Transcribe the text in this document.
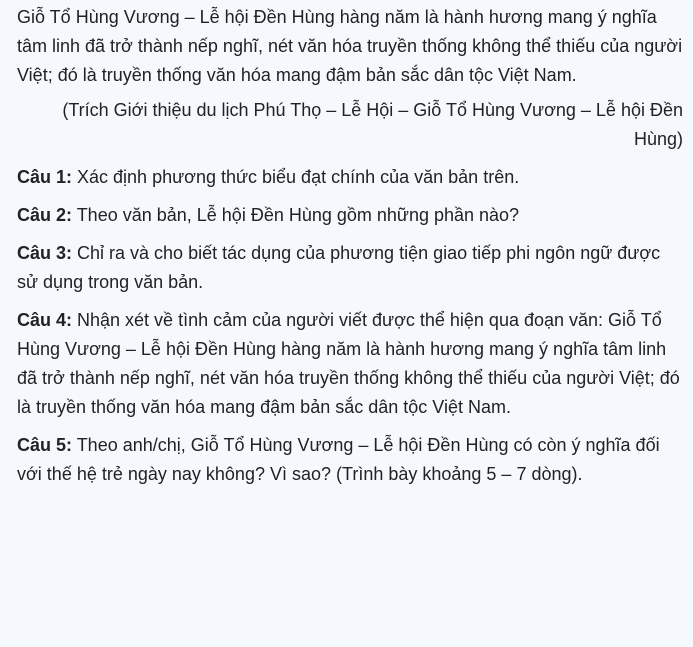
Giỗ Tổ Hùng Vương – Lễ hội Đền Hùng hàng năm là hành hương mang ý nghĩa tâm linh đã trở thành nếp nghĩ, nét văn hóa truyền thống không thể thiếu của người Việt; đó là truyền thống văn hóa mang đậm bản sắc dân tộc Việt Nam.

(Trích Giới thiệu du lịch Phú Thọ – Lễ Hội – Giỗ Tổ Hùng Vương – Lễ hội Đền Hùng)

Câu 1: Xác định phương thức biểu đạt chính của văn bản trên.

Câu 2: Theo văn bản, Lễ hội Đền Hùng gồm những phần nào?

Câu 3: Chỉ ra và cho biết tác dụng của phương tiện giao tiếp phi ngôn ngữ được sử dụng trong văn bản.

Câu 4: Nhận xét về tình cảm của người viết được thể hiện qua đoạn văn: Giỗ Tổ Hùng Vương – Lễ hội Đền Hùng hàng năm là hành hương mang ý nghĩa tâm linh đã trở thành nếp nghĩ, nét văn hóa truyền thống không thể thiếu của người Việt; đó là truyền thống văn hóa mang đậm bản sắc dân tộc Việt Nam.

Câu 5: Theo anh/chị, Giỗ Tổ Hùng Vương – Lễ hội Đền Hùng có còn ý nghĩa đối với thế hệ trẻ ngày nay không? Vì sao? (Trình bày khoảng 5 – 7 dòng).
